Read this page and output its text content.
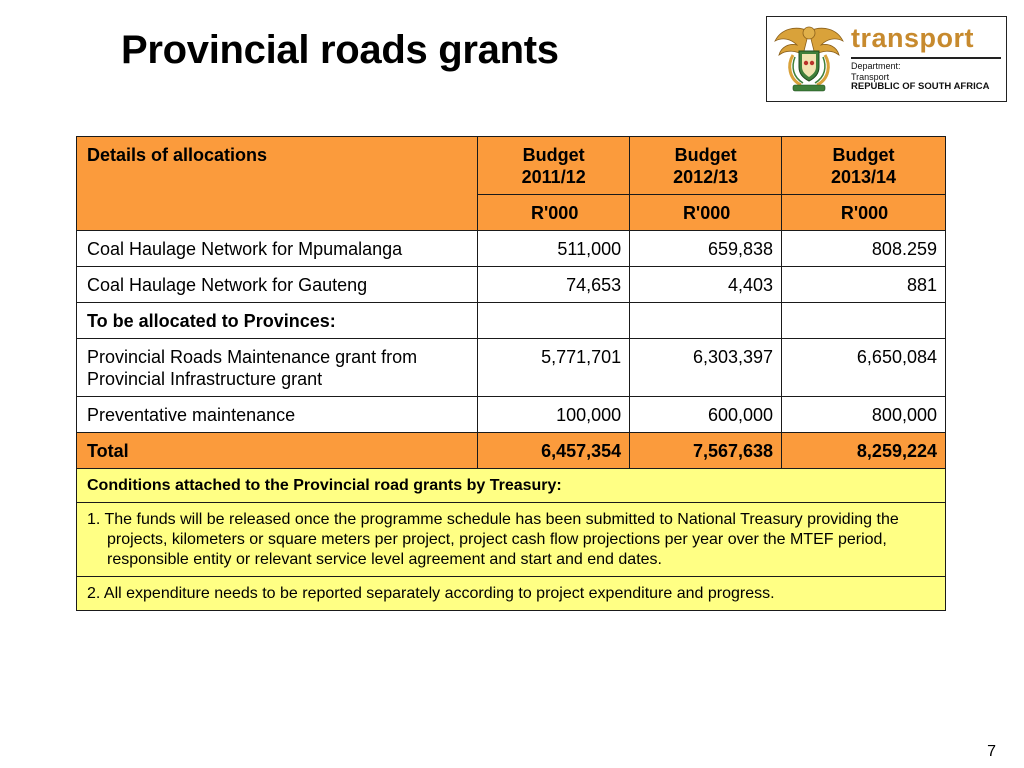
Provincial roads grants	transport
Department:
Transport
REPUBLIC OF SOUTH AFRICA
Details of allocations	Budget 2011/12	Budget 2012/13	Budget 2013/14
	R'000	R'000	R'000
Coal Haulage Network for Mpumalanga	511,000	659,838	808.259
Coal Haulage Network for Gauteng	74,653	4,403	881
To be allocated to Provinces:			
Provincial Roads Maintenance grant from Provincial Infrastructure grant	5,771,701	6,303,397	6,650,084
Preventative maintenance	100,000	600,000	800,000
Total	6,457,354	7,567,638	8,259,224
Conditions attached to the Provincial road grants by Treasury:			

1. The funds will be released once the programme schedule has been submitted to National Treasury providing the projects, kilometers or square meters per project, project cash flow projections per year over the MTEF period, responsible entity or relevant service level agreement and start and end dates.			

2. All expenditure needs to be reported separately according to project expenditure and progress.			
7
